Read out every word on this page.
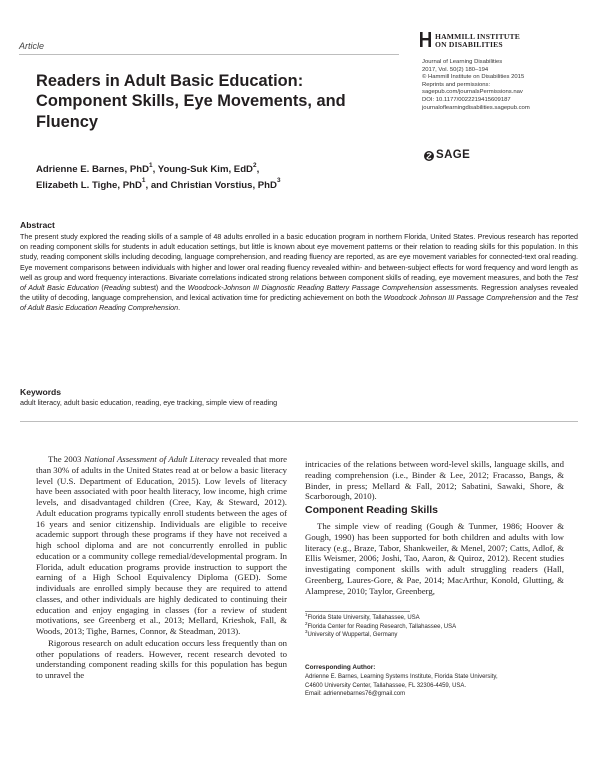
Article
HAMMILL INSTITUTE
ON DISABILITIES
Journal of Learning Disabilities
2017, Vol. 50(2) 180–194
© Hammill Institute on Disabilities 2015
Reprints and permissions:
sagepub.com/journalsPermissions.nav
DOI: 10.1177/0022219415609187
journaloflearningdisabilities.sagepub.com
SAGE
Readers in Adult Basic Education:
Component Skills, Eye Movements, and
Fluency
Adrienne E. Barnes, PhD$^1$, Young-Suk Kim, EdD$^2$,
Elizabeth L. Tighe, PhD$^1$, and Christian Vorstius, PhD$^3$
Abstract

The present study explored the reading skills of a sample of 48 adults enrolled in a basic education program in northern Florida, United States. Previous research has reported on reading component skills for students in adult education settings, but little is known about eye movement patterns or their relation to reading skills for this population. In this study, reading component skills including decoding, language comprehension, and reading fluency are reported, as are eye movement variables for connected-text oral reading. Eye movement comparisons between individuals with higher and lower oral reading fluency revealed within- and between-subject effects for word frequency and word length as well as group and word frequency interactions. Bivariate correlations indicated strong relations between component skills of reading, eye movement measures, and both the Test of Adult Basic Education (Reading subtest) and the Woodcock-Johnson III Diagnostic Reading Battery Passage Comprehension assessments. Regression analyses revealed the utility of decoding, language comprehension, and lexical activation time for predicting achievement on both the Woodcock Johnson III Passage Comprehension and the Test of Adult Basic Education Reading Comprehension.

Keywords
adult literacy, adult basic education, reading, eye tracking, simple view of reading

The 2003 National Assessment of Adult Literacy revealed that more than 30% of adults in the United States read at or below a basic literacy level (U.S. Department of Education, 2015). Low levels of literacy have been associated with poor health literacy, low income, high crime levels, and disadvantaged children (Cree, Kay, & Steward, 2012). Adult education programs typically enroll students between the ages of 16 years and senior citizenship. Individuals are eligible to receive academic support through these programs if they have not received a high school diploma and are not concurrently enrolled in public education or a community college remedial/developmental program. In Florida, adult education programs provide instruction to support the earning of a High School Equivalency Diploma (GED). Some individuals are enrolled simply because they are required to attend classes, and other individuals are highly dedicated to continuing their education and enjoy engaging in classes (for a review of student motivations, see Greenberg et al., 2013; Mellard, Krieshok, Fall, & Woods, 2013; Tighe, Barnes, Connor, & Steadman, 2013).

Rigorous research on adult education occurs less frequently than on other populations of readers. However, recent research devoted to understanding component reading skills for this population has begun to unravel the

intricacies of the relations between word-level skills, language skills, and reading comprehension (i.e., Binder & Lee, 2012; Fracasso, Bangs, & Binder, in press; Mellard & Fall, 2012; Sabatini, Sawaki, Shore, & Scarborough, 2010).

Component Reading Skills

The simple view of reading (Gough & Tunmer, 1986; Hoover & Gough, 1990) has been supported for both children and adults with low literacy (e.g., Braze, Tabor, Shankweiler, & Menel, 2007; Catts, Adlof, & Ellis Weismer, 2006; Joshi, Tao, Aaron, & Quiroz, 2012). Recent studies investigating component skills with adult struggling readers (Hall, Greenberg, Laures-Gore, & Pae, 2014; MacArthur, Konold, Glutting, & Alamprese, 2010; Taylor, Greenberg,

$^1$Florida State University, Tallahassee, USA
$^2$Florida Center for Reading Research, Tallahassee, USA
$^3$University of Wuppertal, Germany
Corresponding Author:
Adrienne E. Barnes, Learning Systems Institute, Florida State University,
C4600 University Center, Tallahassee, FL 32306-4459, USA.
Email: adriennebarnes76@gmail.com
